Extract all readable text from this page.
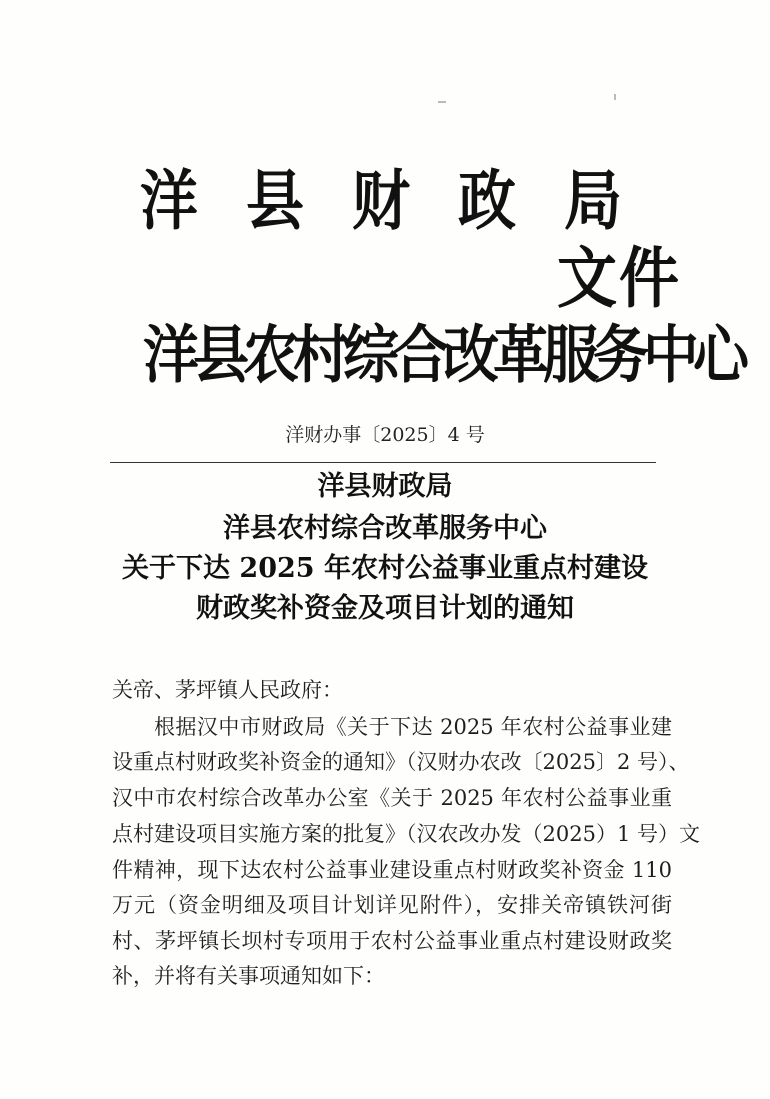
洋县财政局
文件
洋县农村综合改革服务中心
洋财办事〔2025〕4 号
洋县财政局
洋县农村综合改革服务中心
关于下达 2025 年农村公益事业重点村建设
财政奖补资金及项目计划的通知
关帝、茅坪镇人民政府：
根据汉中市财政局《关于下达 2025 年农村公益事业建
设重点村财政奖补资金的通知》（汉财办农改〔2025〕2 号）、
汉中市农村综合改革办公室《关于 2025 年农村公益事业重
点村建设项目实施方案的批复》（汉农改办发（2025）1 号）文
件精神，现下达农村公益事业建设重点村财政奖补资金 110
万元（资金明细及项目计划详见附件），安排关帝镇铁河街
村、茅坪镇长坝村专项用于农村公益事业重点村建设财政奖
补，并将有关事项通知如下：
